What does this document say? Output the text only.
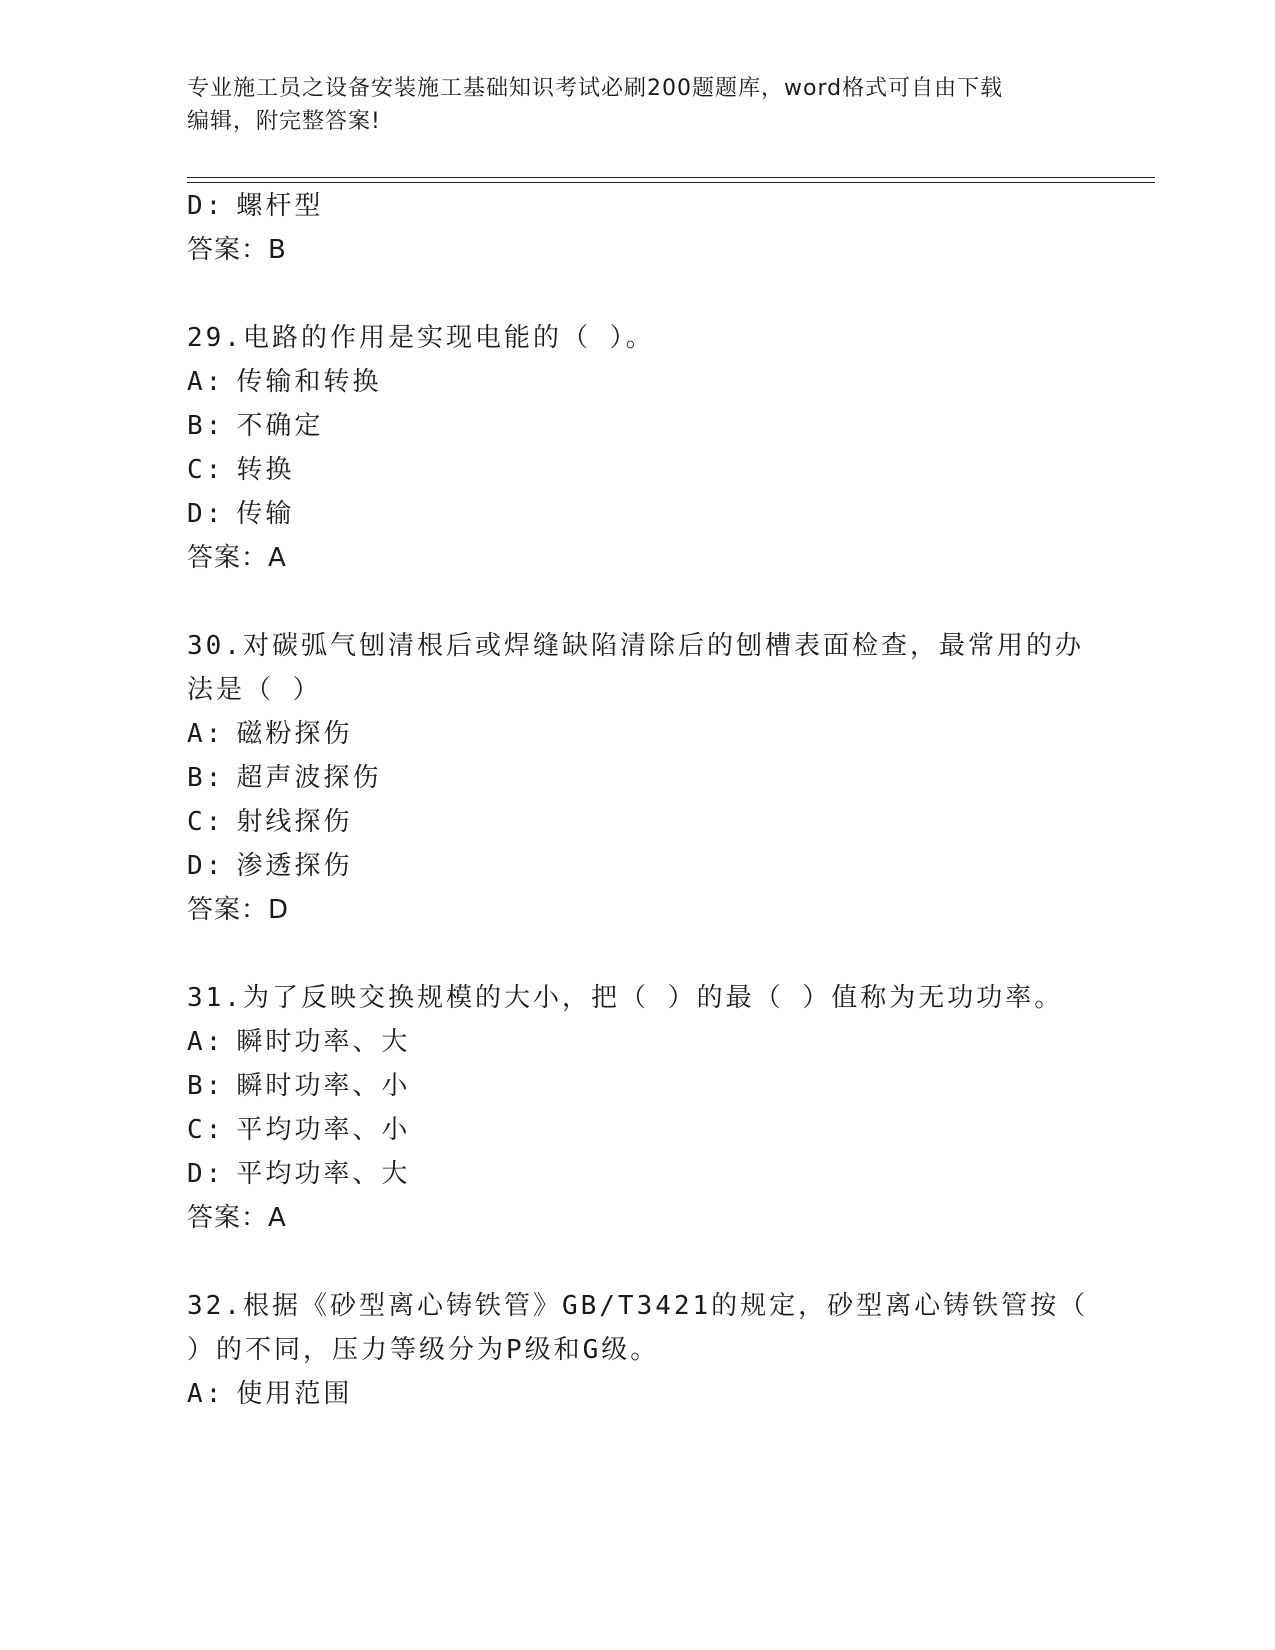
专业施工员之设备安装施工基础知识考试必刷200题题库，word格式可自由下载
编辑，附完整答案!
D: 螺杆型
答案：B
29.电路的作用是实现电能的（ ）。
A: 传输和转换
B: 不确定
C: 转换
D: 传输
答案：A
30.对碳弧气刨清根后或焊缝缺陷清除后的刨槽表面检查，最常用的办
法是（ ）
A: 磁粉探伤
B: 超声波探伤
C: 射线探伤
D: 渗透探伤
答案：D
31.为了反映交换规模的大小，把（ ）的最（ ）值称为无功功率。
A: 瞬时功率、大
B: 瞬时功率、小
C: 平均功率、小
D: 平均功率、大
答案：A
32.根据《砂型离心铸铁管》GB/T3421的规定，砂型离心铸铁管按（
）的不同，压力等级分为P级和G级。
A: 使用范围
